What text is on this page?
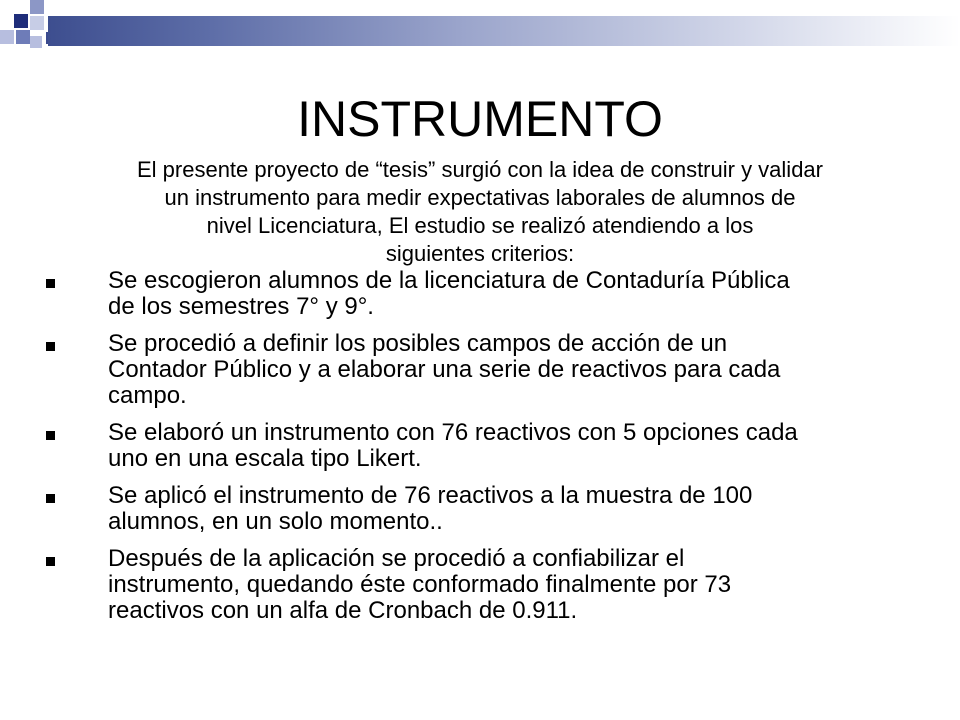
INSTRUMENTO

El presente proyecto de “tesis” surgió con la idea de construir y validar
un instrumento para medir expectativas laborales de alumnos de
nivel Licenciatura, El estudio se realizó atendiendo a los
siguientes criterios:

Se escogieron alumnos de la licenciatura de Contaduría Pública
de los semestres 7° y 9°.
Se procedió a definir los posibles campos de acción de un
Contador Público y a elaborar una serie de reactivos para cada
campo.
Se elaboró un instrumento con 76 reactivos con 5 opciones cada
uno en una escala tipo Likert.
Se aplicó el instrumento de 76 reactivos a la muestra de 100
alumnos, en un solo momento..
Después de la aplicación se procedió a confiabilizar el
instrumento, quedando éste conformado finalmente por 73
reactivos con un alfa de Cronbach de 0.911.
